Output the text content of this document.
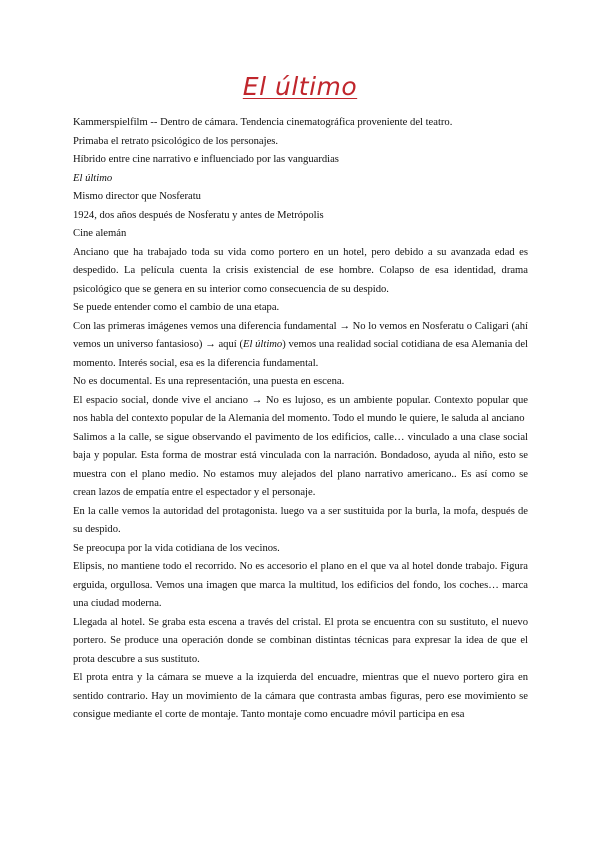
El último

Kammerspielfilm -- Dentro de cámara. Tendencia cinematográfica proveniente del teatro.

Primaba el retrato psicológico de los personajes.

Híbrido entre cine narrativo e influenciado por las vanguardias

El último

Mismo director que Nosferatu

1924, dos años después de Nosferatu y antes de Metrópolis

Cine alemán

Anciano que ha trabajado toda su vida como portero en un hotel, pero debido a su avanzada edad es despedido. La película cuenta la crisis existencial de ese hombre. Colapso de esa identidad, drama psicológico que se genera en su interior como consecuencia de su despido.

Se puede entender como el cambio de una etapa.

Con las primeras imágenes vemos una diferencia fundamental → No lo vemos en Nosferatu o Caligari (ahí vemos un universo fantasioso) → aquí (El último) vemos una realidad social cotidiana de esa Alemania del momento. Interés social, esa es la diferencia fundamental.

No es documental. Es una representación, una puesta en escena.

El espacio social, donde vive el anciano → No es lujoso, es un ambiente popular. Contexto popular que nos habla del contexto popular de la Alemania del momento. Todo el mundo le quiere, le saluda al anciano

Salimos a la calle, se sigue observando el pavimento de los edificios, calle… vinculado a una clase social baja y popular. Esta forma de mostrar está vinculada con la narración. Bondadoso, ayuda al niño, esto se muestra con el plano medio. No estamos muy alejados del plano narrativo americano.. Es así como se crean lazos de empatía entre el espectador y el personaje.

En la calle vemos la autoridad del protagonista. luego va a ser sustituida por la burla, la mofa, después de su despido.

Se preocupa por la vida cotidiana de los vecinos.

Elipsis, no mantiene todo el recorrido. No es accesorio el plano en el que va al hotel donde trabajo. Figura erguida, orgullosa. Vemos una imagen que marca la multitud, los edificios del fondo, los coches… marca una ciudad moderna.

Llegada al hotel. Se graba esta escena a través del cristal. El prota se encuentra con su sustituto, el nuevo portero. Se produce una operación donde se combinan distintas técnicas para expresar la idea de que el prota descubre a sus sustituto.

El prota entra y la cámara se mueve a la izquierda del encuadre, mientras que el nuevo portero gira en sentido contrario. Hay un movimiento de la cámara que contrasta ambas figuras, pero ese movimiento se consigue mediante el corte de montaje. Tanto montaje como encuadre móvil participa en esa
